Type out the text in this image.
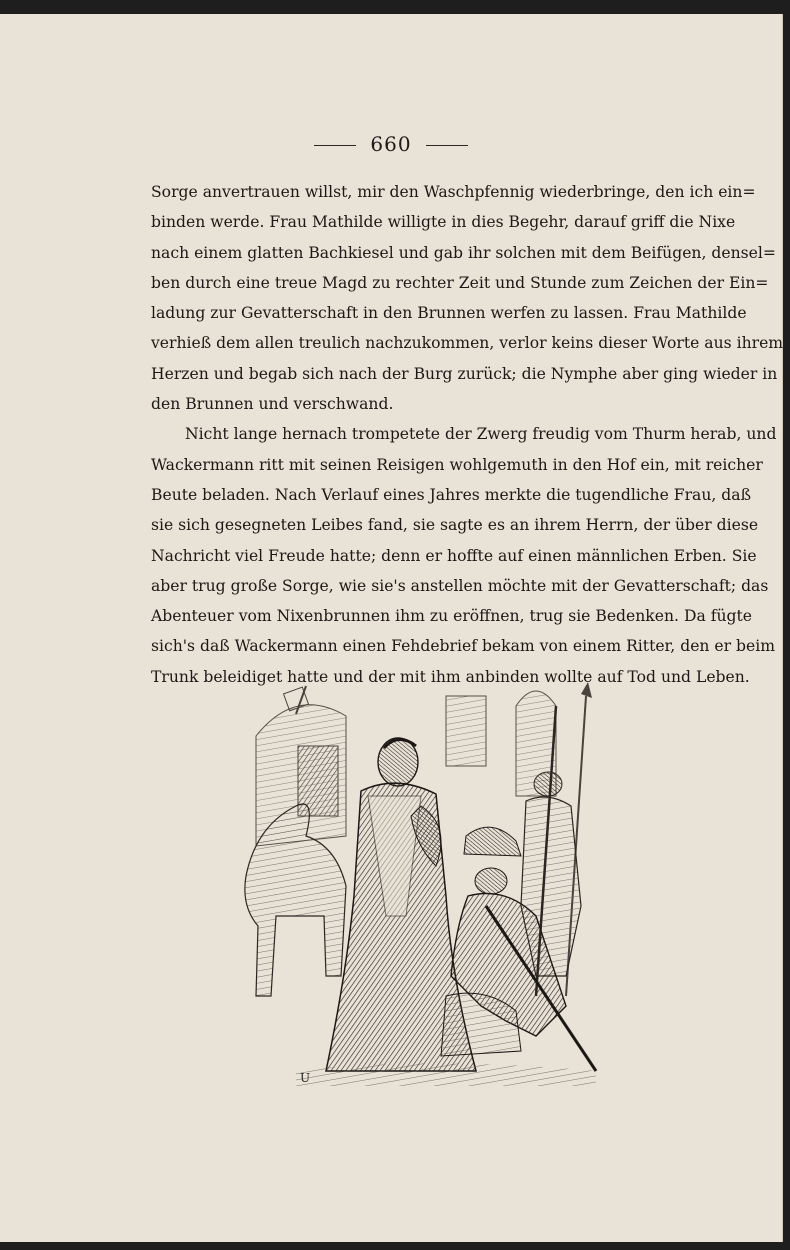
660
Sorge anvertrauen willst, mir den Waschpfennig wiederbringe, den ich ein=
binden werde. Frau Mathilde willigte in dies Begehr, darauf griff die Nixe
nach einem glatten Bachkiesel und gab ihr solchen mit dem Beifügen, densel=
ben durch eine treue Magd zu rechter Zeit und Stunde zum Zeichen der Ein=
ladung zur Gevatterschaft in den Brunnen werfen zu lassen. Frau Mathilde
verhieß dem allen treulich nachzukommen, verlor keins dieser Worte aus ihrem
Herzen und begab sich nach der Burg zurück; die Nymphe aber ging wieder in
den Brunnen und verschwand.
Nicht lange hernach trompetete der Zwerg freudig vom Thurm herab, und
Wackermann ritt mit seinen Reisigen wohlgemuth in den Hof ein, mit reicher
Beute beladen. Nach Verlauf eines Jahres merkte die tugendliche Frau, daß
sie sich gesegneten Leibes fand, sie sagte es an ihrem Herrn, der über diese
Nachricht viel Freude hatte; denn er hoffte auf einen männlichen Erben. Sie
aber trug große Sorge, wie sie's anstellen möchte mit der Gevatterschaft; das
Abenteuer vom Nixenbrunnen ihm zu eröffnen, trug sie Bedenken. Da fügte
sich's daß Wackermann einen Fehdebrief bekam von einem Ritter, den er beim
Trunk beleidiget hatte und der mit ihm anbinden wollte auf Tod und Leben.
U
